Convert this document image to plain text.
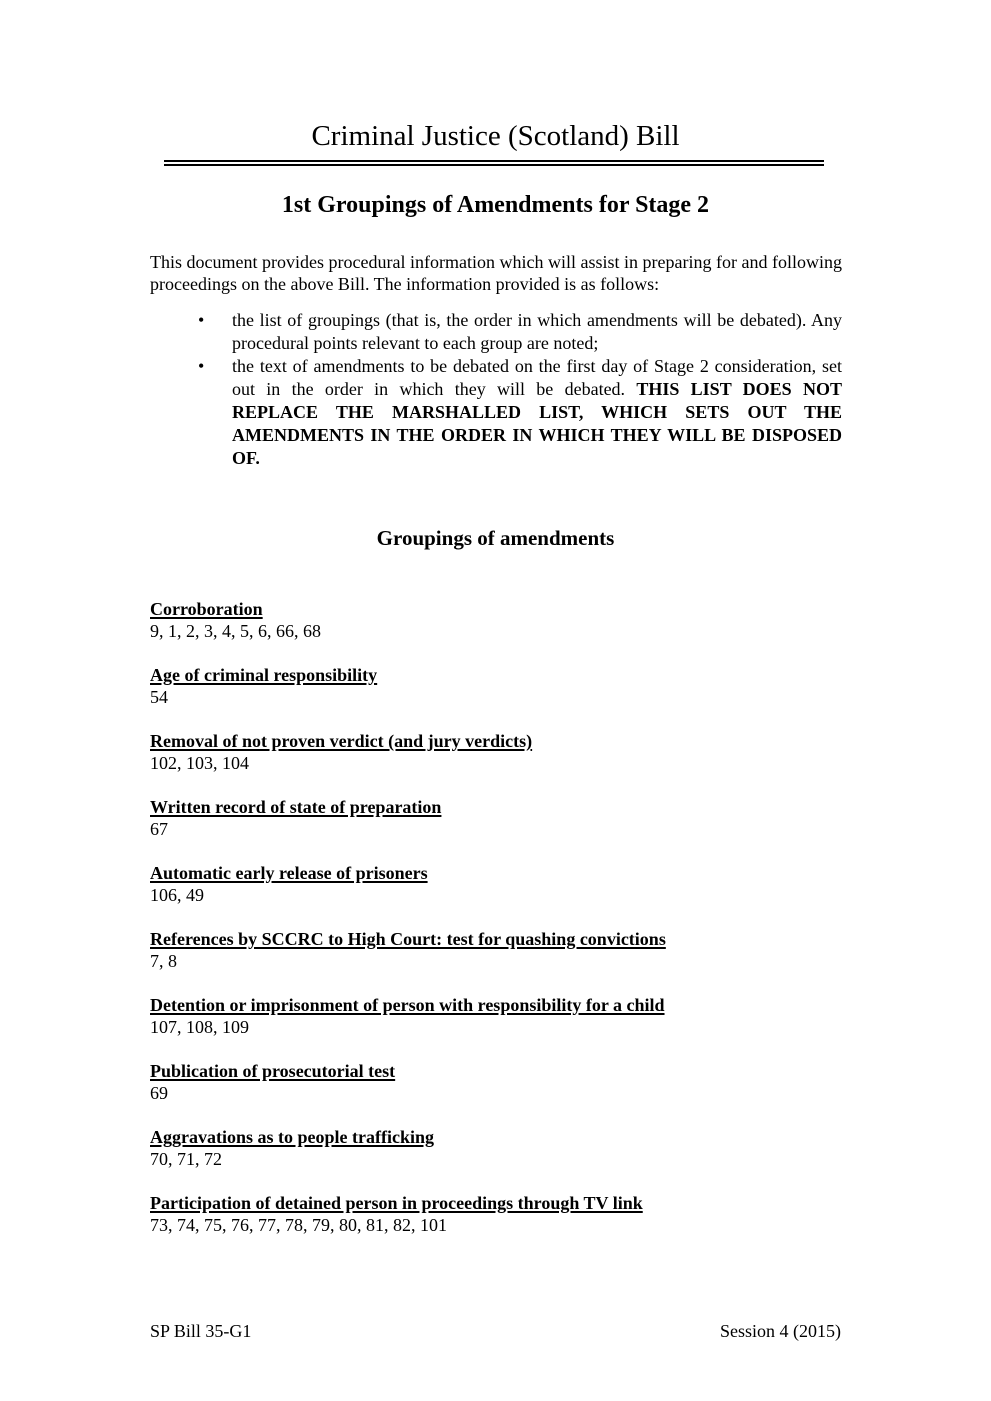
Criminal Justice (Scotland) Bill
1st Groupings of Amendments for Stage 2

This document provides procedural information which will assist in preparing for and following proceedings on the above Bill. The information provided is as follows:

• the list of groupings (that is, the order in which amendments will be debated). Any procedural points relevant to each group are noted;
• the text of amendments to be debated on the first day of Stage 2 consideration, set out in the order in which they will be debated. THIS LIST DOES NOT REPLACE THE MARSHALLED LIST, WHICH SETS OUT THE AMENDMENTS IN THE ORDER IN WHICH THEY WILL BE DISPOSED OF.
Groupings of amendments
Corroboration
9, 1, 2, 3, 4, 5, 6, 66, 68
Age of criminal responsibility
54
Removal of not proven verdict (and jury verdicts)
102, 103, 104
Written record of state of preparation
67
Automatic early release of prisoners
106, 49
References by SCCRC to High Court: test for quashing convictions
7, 8
Detention or imprisonment of person with responsibility for a child
107, 108, 109
Publication of prosecutorial test
69
Aggravations as to people trafficking
70, 71, 72
Participation of detained person in proceedings through TV link
73, 74, 75, 76, 77, 78, 79, 80, 81, 82, 101
SP Bill 35-G1	Session 4 (2015)
